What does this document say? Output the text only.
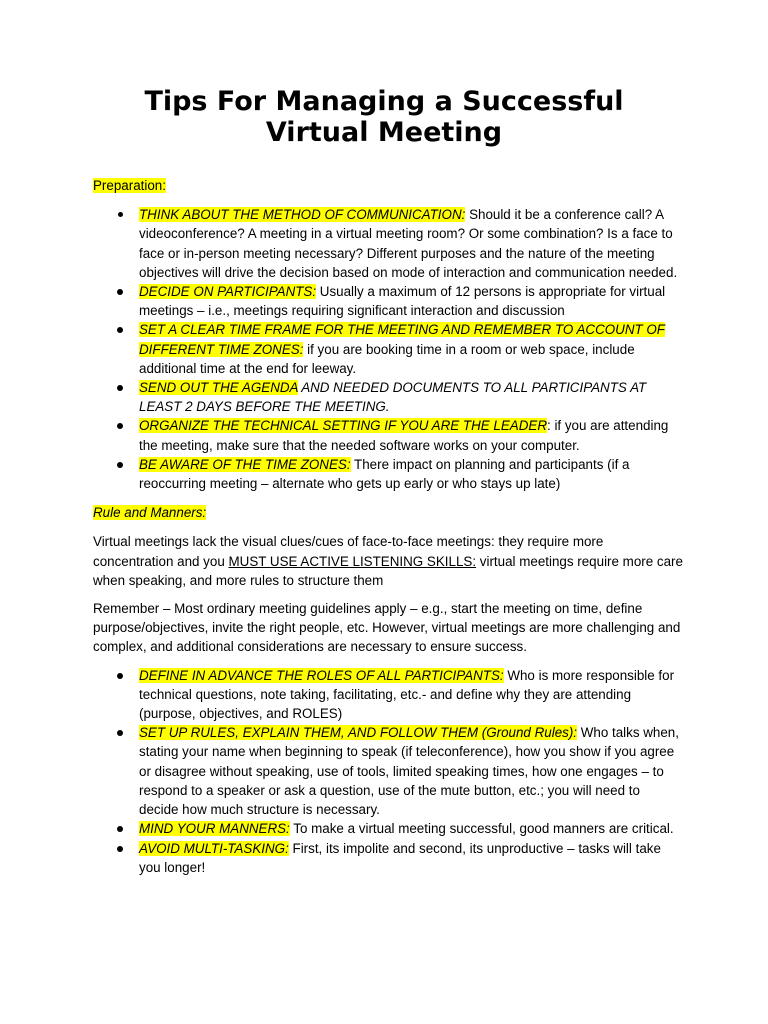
Tips For Managing a Successful
Virtual Meeting
Preparation:
THINK ABOUT THE METHOD OF COMMUNICATION: Should it be a conference call? A videoconference? A meeting in a virtual meeting room? Or some combination? Is a face to face or in-person meeting necessary? Different purposes and the nature of the meeting objectives will drive the decision based on mode of interaction and communication needed.
DECIDE ON PARTICIPANTS: Usually a maximum of 12 persons is appropriate for virtual meetings – i.e., meetings requiring significant interaction and discussion
SET A CLEAR TIME FRAME FOR THE MEETING AND REMEMBER TO ACCOUNT OF DIFFERENT TIME ZONES: if you are booking time in a room or web space, include additional time at the end for leeway.
SEND OUT THE AGENDA AND NEEDED DOCUMENTS TO ALL PARTICIPANTS AT LEAST 2 DAYS BEFORE THE MEETING.
ORGANIZE THE TECHNICAL SETTING IF YOU ARE THE LEADER: if you are attending the meeting, make sure that the needed software works on your computer.
BE AWARE OF THE TIME ZONES: There impact on planning and participants (if a reoccurring meeting – alternate who gets up early or who stays up late)
Rule and Manners:

Virtual meetings lack the visual clues/cues of face-to-face meetings: they require more concentration and you MUST USE ACTIVE LISTENING SKILLS: virtual meetings require more care when speaking, and more rules to structure them

Remember – Most ordinary meeting guidelines apply – e.g., start the meeting on time, define purpose/objectives, invite the right people, etc. However, virtual meetings are more challenging and complex, and additional considerations are necessary to ensure success.

DEFINE IN ADVANCE THE ROLES OF ALL PARTICIPANTS: Who is more responsible for technical questions, note taking, facilitating, etc.- and define why they are attending (purpose, objectives, and ROLES)
SET UP RULES, EXPLAIN THEM, AND FOLLOW THEM (Ground Rules): Who talks when, stating your name when beginning to speak (if teleconference), how you show if you agree or disagree without speaking, use of tools, limited speaking times, how one engages – to respond to a speaker or ask a question, use of the mute button, etc.; you will need to decide how much structure is necessary.
MIND YOUR MANNERS: To make a virtual meeting successful, good manners are critical.
AVOID MULTI-TASKING: First, its impolite and second, its unproductive – tasks will take you longer!
